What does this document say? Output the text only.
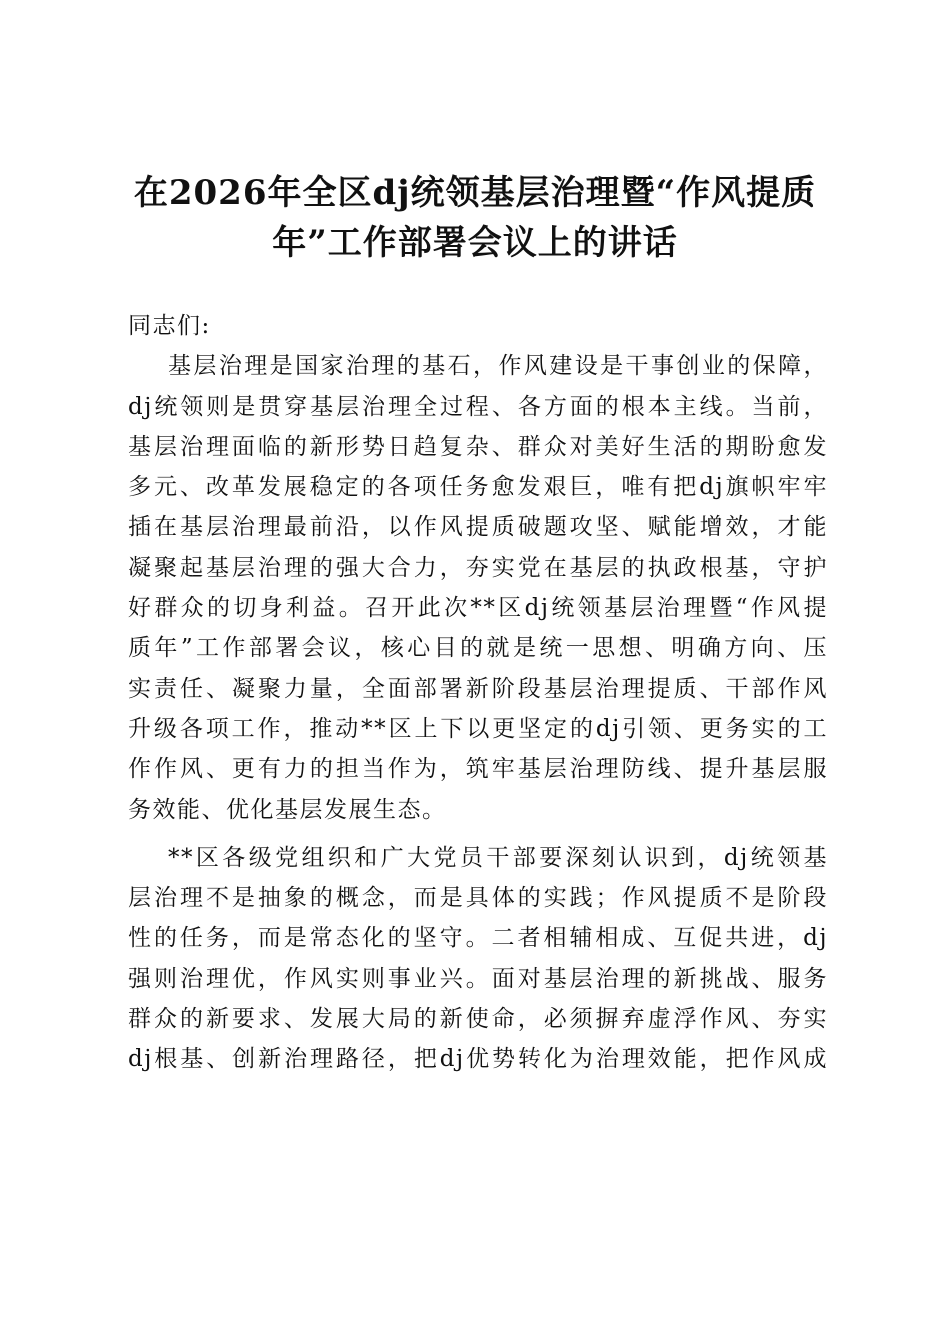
在2026年全区dj统领基层治理暨“作风提质
年”工作部署会议上的讲话
同志们:
基层治理是国家治理的基石，作风建设是干事创业的保障，
dj统领则是贯穿基层治理全过程、各方面的根本主线。当前，
基层治理面临的新形势日趋复杂、群众对美好生活的期盼愈发
多元、改革发展稳定的各项任务愈发艰巨，唯有把dj旗帜牢牢
插在基层治理最前沿，以作风提质破题攻坚、赋能增效，才能
凝聚起基层治理的强大合力，夯实党在基层的执政根基，守护
好群众的切身利益。召开此次**区dj统领基层治理暨“作风提
质年”工作部署会议，核心目的就是统一思想、明确方向、压
实责任、凝聚力量，全面部署新阶段基层治理提质、干部作风
升级各项工作，推动**区上下以更坚定的dj引领、更务实的工
作作风、更有力的担当作为，筑牢基层治理防线、提升基层服
务效能、优化基层发展生态。
**区各级党组织和广大党员干部要深刻认识到，dj统领基
层治理不是抽象的概念，而是具体的实践；作风提质不是阶段
性的任务，而是常态化的坚守。二者相辅相成、互促共进，dj
强则治理优，作风实则事业兴。面对基层治理的新挑战、服务
群众的新要求、发展大局的新使命，必须摒弃虚浮作风、夯实
dj根基、创新治理路径，把dj优势转化为治理效能，把作风成
